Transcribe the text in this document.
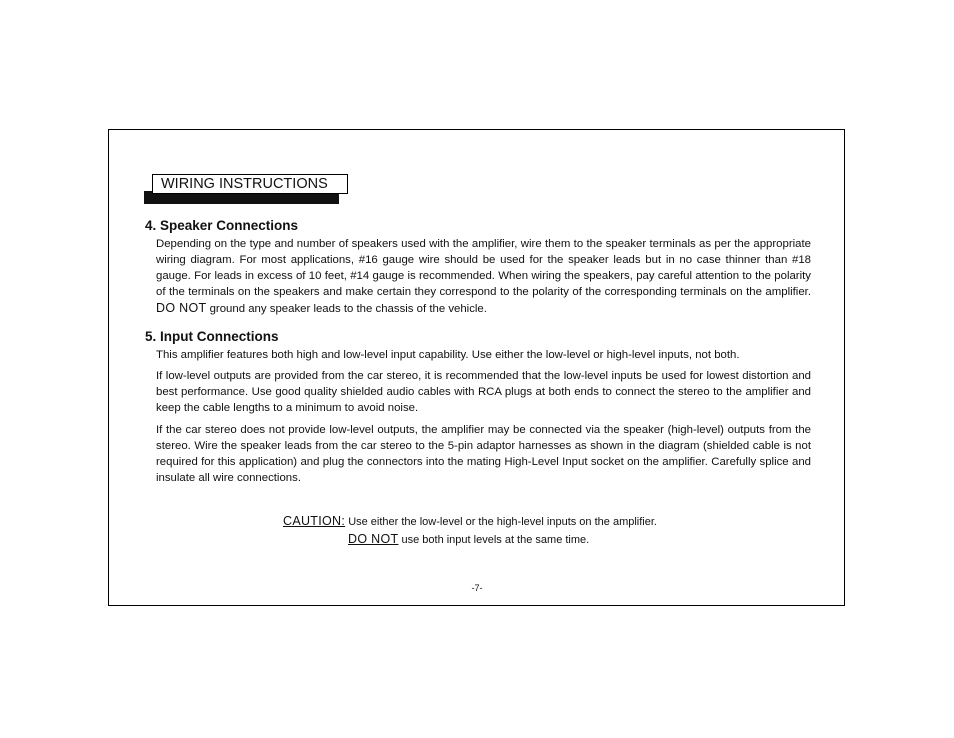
WIRING INSTRUCTIONS
4. Speaker Connections
Depending on the type and number of speakers used with the amplifier, wire them to the speaker terminals as per the appropriate wiring diagram. For most applications, #16 gauge wire should be used for the speaker leads but in no case thinner than #18 gauge. For leads in excess of 10 feet, #14 gauge is recommended. When wiring the speakers, pay careful attention to the polarity of the terminals on the speakers and make certain they correspond to the polarity of the corresponding terminals on the amplifier. DO NOT ground any speaker leads to the chassis of the vehicle.
5. Input Connections
This amplifier features both high and low-level input capability. Use either the low-level or high-level inputs, not both.
If low-level outputs are provided from the car stereo, it is recommended that the low-level inputs be used for lowest distortion and best performance. Use good quality shielded audio cables with RCA plugs at both ends to connect the stereo to the amplifier and keep the cable lengths to a minimum to avoid noise.
If the car stereo does not provide low-level outputs, the amplifier may be connected via the speaker (high-level) outputs from the stereo. Wire the speaker leads from the car stereo to the 5-pin adaptor harnesses as shown in the diagram (shielded cable is not required for this application) and plug the connectors into the mating High-Level Input socket on the amplifier. Carefully splice and insulate all wire connections.
CAUTION: Use either the low-level or the high-level inputs on the amplifier.
DO NOT use both input levels at the same time.
-7-
